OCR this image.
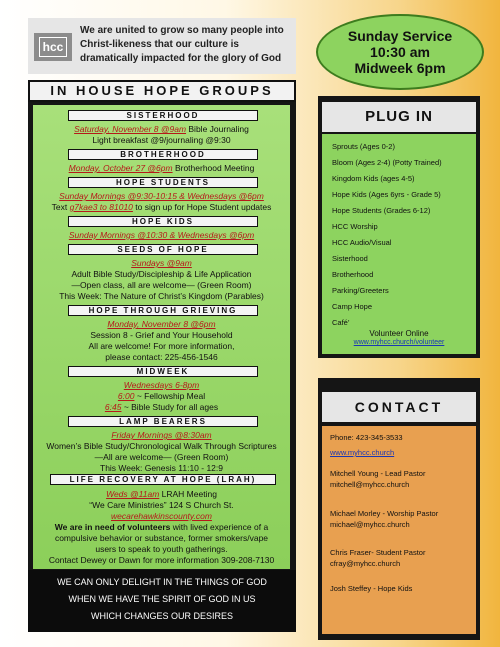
hcc
We are united to grow so many people into Christ-likeness that our culture is dramatically impacted for the glory of God
Sunday Service
10:30 am
Midweek 6pm
IN HOUSE HOPE GROUPS
SISTERHOOD
Saturday, November 8 @9am Bible Journaling
Light breakfast @9/journaling @9:30
BROTHERHOOD
Monday, October 27 @6pm Brotherhood Meeting
HOPE STUDENTS
Sunday Mornings @9:30-10:15 & Wednesdays @6pm
Text g7kae3 to 81010 to sign up for Hope Student updates
HOPE KIDS
Sunday Mornings @10:30 & Wednesdays @6pm
SEEDS OF HOPE
Sundays @9am
Adult Bible Study/Discipleship & Life Application
—Open class, all are welcome— (Green Room)
This Week: The Nature of Christ’s Kingdom (Parables)
HOPE THROUGH GRIEVING
Monday, November 8 @6pm
Session 8 - Grief and Your Household
All are welcome! For more information,
please contact: 225-456-1546
MIDWEEK
Wednesdays 6-8pm
6:00 ~ Fellowship Meal
6:45 ~ Bible Study for all ages
LAMP BEARERS
Friday Mornings @8:30am
Women’s Bible Study/Chronological Walk Through Scriptures
—All are welcome— (Green Room)
This Week: Genesis 11:10 - 12:9
LIFE RECOVERY AT HOPE (LRAH)
Weds @11am LRAH Meeting
“We Care Ministries” 124 S Church St.
wecarehawkinscounty.com
We are in need of volunteers with lived experience of a
compulsive behavior or substance, former smokers/vape
users to speak to youth gatherings.
Contact Dewey or Dawn for more information 309-208-7130
WE CAN ONLY DELIGHT IN THE THINGS OF GOD
WHEN WE HAVE THE SPIRIT OF GOD IN US
WHICH CHANGES OUR DESIRES
PLUG IN
Sprouts (Ages 0-2)
Bloom (Ages 2-4) (Potty Trained)
Kingdom Kids (ages 4-5)
Hope Kids (Ages 6yrs - Grade 5)
Hope Students (Grades 6-12)
HCC Worship
HCC Audio/Visual
Sisterhood
Brotherhood
Parking/Greeters
Camp Hope
Café’
Volunteer Online
www.myhcc.church/volunteer
CONTACT
Phone: 423-345-3533
www.myhcc.church
Mitchell Young - Lead Pastor
mitchell@myhcc.church
Michael Morley - Worship Pastor
michael@myhcc.church
Chris Fraser- Student Pastor
cfray@myhcc.church
Josh Steffey - Hope Kids
